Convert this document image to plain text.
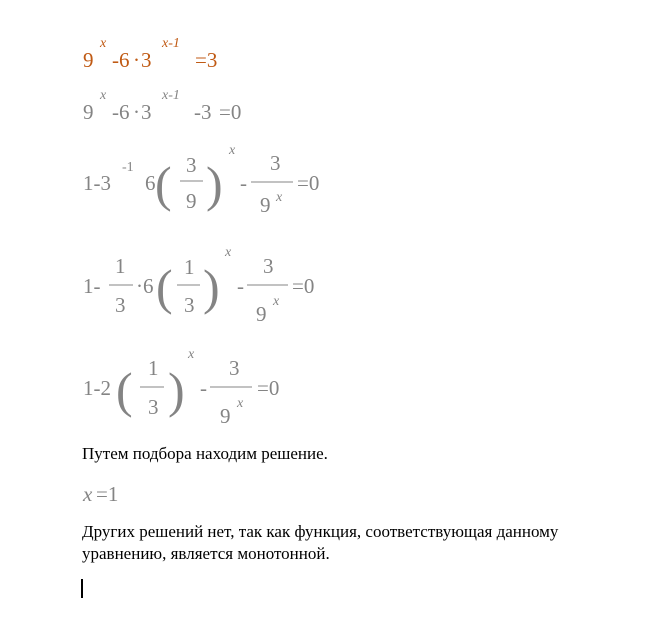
9
x
-6 · 3
x-1
=3
9
x
-6 · 3
x-1
-3 =0
1-3
-1
6 ( 3
9 )
x
-
3
9 x
=0
1-
1
3
·6 ( 1
3 )
x
-
3
9
x
=0
1-2 ( 1
3 )
x
-
3
9
x
=0
Путем подбора находим решение.
x =1
Других решений нет, так как функция, соответствующая данному
уравнению, является монотонной.
